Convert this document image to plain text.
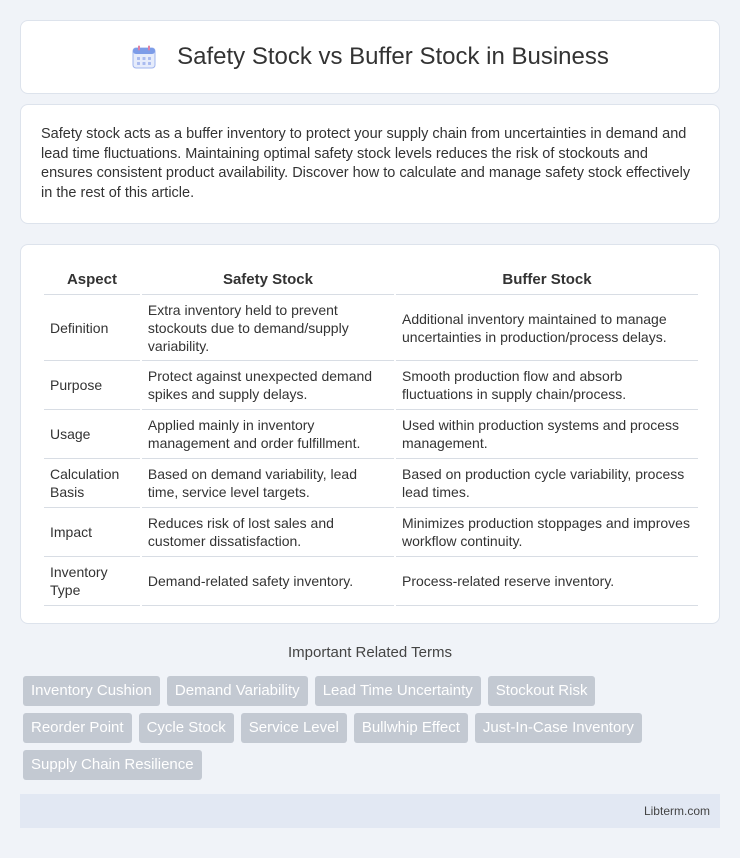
Safety Stock vs Buffer Stock in Business

Safety stock acts as a buffer inventory to protect your supply chain from uncertainties in demand and lead time fluctuations. Maintaining optimal safety stock levels reduces the risk of stockouts and ensures consistent product availability. Discover how to calculate and manage safety stock effectively in the rest of this article.

Aspect	Safety Stock	Buffer Stock
Definition	Extra inventory held to prevent stockouts due to demand/supply variability.	Additional inventory maintained to manage uncertainties in production/process delays.
Purpose	Protect against unexpected demand spikes and supply delays.	Smooth production flow and absorb fluctuations in supply chain/process.
Usage	Applied mainly in inventory management and order fulfillment.	Used within production systems and process management.
Calculation Basis	Based on demand variability, lead time, service level targets.	Based on production cycle variability, process lead times.
Impact	Reduces risk of lost sales and customer dissatisfaction.	Minimizes production stoppages and improves workflow continuity.
Inventory Type	Demand-related safety inventory.	Process-related reserve inventory.
Important Related Terms
Inventory Cushion	Demand Variability	Lead Time Uncertainty	Stockout Risk
Reorder Point	Cycle Stock	Service Level	Bullwhip Effect	Just-In-Case Inventory
Supply Chain Resilience
Libterm.com
